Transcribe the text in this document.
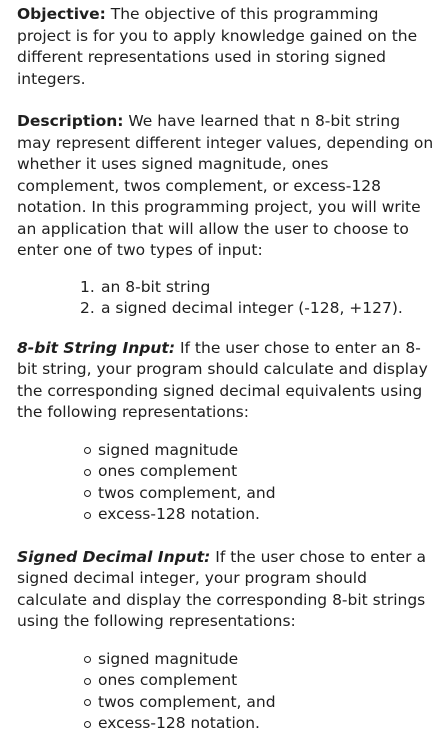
Objective: The objective of this programming project is for you to apply knowledge gained on the different representations used in storing signed integers.

Description: We have learned that n 8-bit string may represent different integer values, depending on whether it uses signed magnitude, ones complement, twos complement, or excess-128 notation. In this programming project, you will write an application that will allow the user to choose to enter one of two types of input:

1. an 8-bit string
2. a signed decimal integer (-128, +127).

8-bit String Input: If the user chose to enter an 8-bit string, your program should calculate and display the corresponding signed decimal equivalents using the following representations:

signed magnitude
ones complement
twos complement, and
excess-128 notation.

Signed Decimal Input: If the user chose to enter a signed decimal integer, your program should calculate and display the corresponding 8-bit strings using the following representations:

signed magnitude
ones complement
twos complement, and
excess-128 notation.
